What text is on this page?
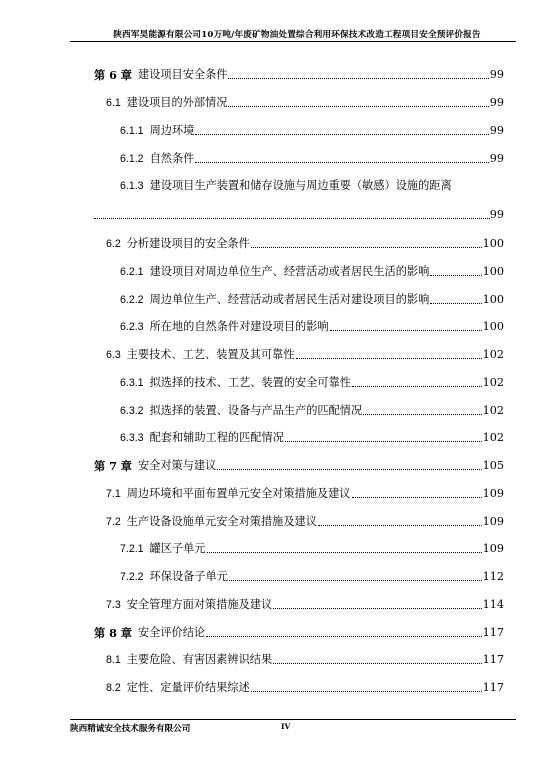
陕西军昊能源有限公司10万吨/年废矿物油处置综合利用环保技术改造工程项目安全预评价报告
第 6 章 建设项目安全条件	99
6.1 建设项目的外部情况	99
6.1.1 周边环境	99
6.1.2 自然条件	99
6.1.3 建设项目生产装置和储存设施与周边重要（敏感）设施的距离
99
6.2 分析建设项目的安全条件	100
6.2.1 建设项目对周边单位生产、经营活动或者居民生活的影响	100
6.2.2 周边单位生产、经营活动或者居民生活对建设项目的影响	100
6.2.3 所在地的自然条件对建设项目的影响	100
6.3 主要技术、工艺、装置及其可靠性	102
6.3.1 拟选择的技术、工艺、装置的安全可靠性	102
6.3.2 拟选择的装置、设备与产品生产的匹配情况	102
6.3.3 配套和辅助工程的匹配情况	102
第 7 章 安全对策与建议	105
7.1 周边环境和平面布置单元安全对策措施及建议	109
7.2 生产设备设施单元安全对策措施及建议	109
7.2.1 罐区子单元	109
7.2.2 环保设备子单元	112
7.3 安全管理方面对策措施及建议	114
第 8 章 安全评价结论	117
8.1 主要危险、有害因素辨识结果	117
8.2 定性、定量评价结果综述	117
陕西精诚安全技术服务有限公司	IV
